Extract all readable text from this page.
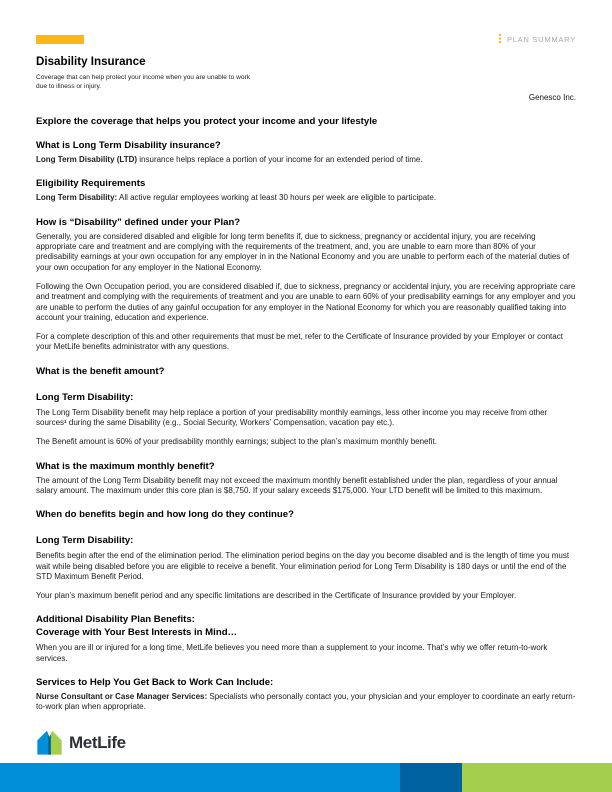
PLAN SUMMARY
Disability Insurance
Coverage that can help protect your income when you are unable to work
due to illness or injury.
Genesco Inc.
Explore the coverage that helps you protect your income and your lifestyle
What is Long Term Disability insurance?

Long Term Disability (LTD) insurance helps replace a portion of your income for an extended period of time.

Eligibility Requirements

Long Term Disability: All active regular employees working at least 30 hours per week are eligible to participate.

How is “Disability” defined under your Plan?

Generally, you are considered disabled and eligible for long term benefits if, due to sickness, pregnancy or accidental injury, you are receiving appropriate care and treatment and are complying with the requirements of the treatment, and, you are unable to earn more than 80% of your predisability earnings at your own occupation for any employer in in the National Economy and you are unable to perform each of the material duties of your own occupation for any employer in the National Economy.

Following the Own Occupation period, you are considered disabled if, due to sickness, pregnancy or accidental injury, you are receiving appropriate care and treatment and complying with the requirements of treatment and you are unable to earn 60% of your predisability earnings for any employer and you are unable to perform the duties of any gainful occupation for any employer in the National Economy for which you are reasonably qualified taking into account your training, education and experience.

For a complete description of this and other requirements that must be met, refer to the Certificate of Insurance provided by your Employer or contact your MetLife benefits administrator with any questions.

What is the benefit amount?
Long Term Disability:

The Long Term Disability benefit may help replace a portion of your predisability monthly earnings, less other income you may receive from other sources¹ during the same Disability (e.g., Social Security, Workers’ Compensation, vacation pay etc.).

The Benefit amount is 60% of your predisability monthly earnings; subject to the plan’s maximum monthly benefit.

What is the maximum monthly benefit?

The amount of the Long Term Disability benefit may not exceed the maximum monthly benefit established under the plan, regardless of your annual salary amount. The maximum under this core plan is $8,750. If your salary exceeds $175,000. Your LTD benefit will be limited to this maximum.

When do benefits begin and how long do they continue?
Long Term Disability:

Benefits begin after the end of the elimination period. The elimination period begins on the day you become disabled and is the length of time you must wait while being disabled before you are eligible to receive a benefit. Your elimination period for Long Term Disability is 180 days or until the end of the STD Maximum Benefit Period.

Your plan’s maximum benefit period and any specific limitations are described in the Certificate of Insurance provided by your Employer.

Additional Disability Plan Benefits:
Coverage with Your Best Interests in Mind…

When you are ill or injured for a long time, MetLife believes you need more than a supplement to your income. That’s why we offer return-to-work services.

Services to Help You Get Back to Work Can Include:

Nurse Consultant or Case Manager Services: Specialists who personally contact you, your physician and your employer to coordinate an early return-to-work plan when appropriate.

MetLife
